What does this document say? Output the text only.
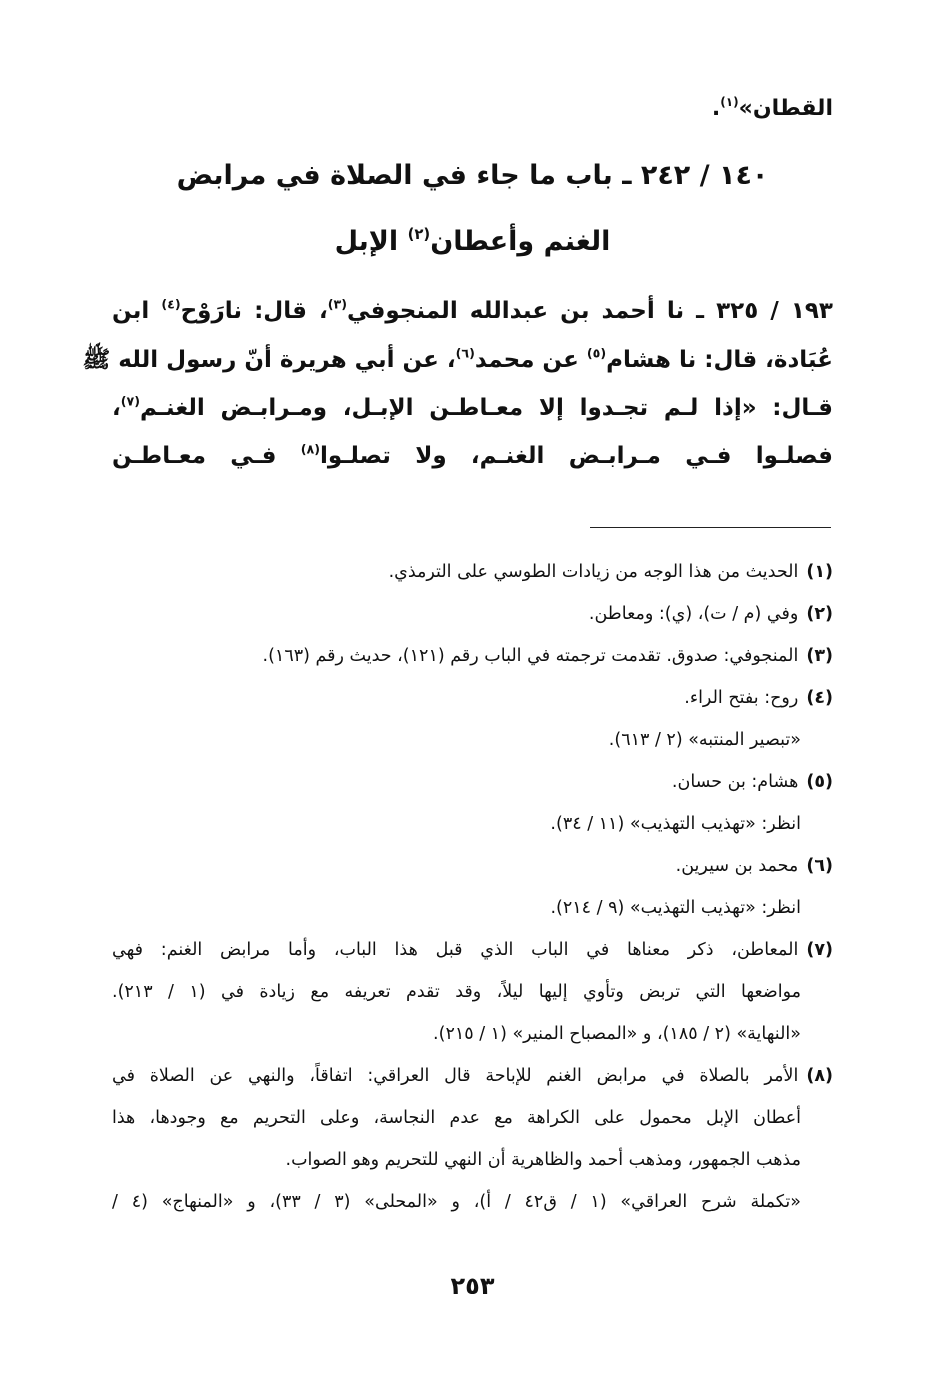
القطان»$^{(١)}$.
١٤٠ / ٢٤٢ ـ باب ما جاء في الصلاة في مرابض
الغنم وأعطان$^{(٢)}$ الإبل
١٩٣ / ٣٢٥ ـ نا أحمد بن عبدالله المنجوفي$^{(٣)}$، قال: نارَوْح$^{(٤)}$ ابن
عُبَادة، قال: نا هشام$^{(٥)}$ عن محمد$^{(٦)}$، عن أبي هريرة أنّ رسول الله ﷺ
قـال: «إذا لـم تجـدوا إلا معـاطـن الإبـل، ومـرابـض الغنـم$^{(٧)}$،
فصلـوا فـي مـرابـض الغنـم، ولا تصلـوا$^{(٨)}$ فـي معـاطـن
(١)الحديث من هذا الوجه من زيادات الطوسي على الترمذي.
(٢)وفي (م / ت)، (ي): ومعاطن.
(٣)المنجوفي: صدوق. تقدمت ترجمته في الباب رقم (١٢١)، حديث رقم (١٦٣).
(٤)روح: بفتح الراء.
«تبصير المنتبه» (٢ / ٦١٣).
(٥)هشام: بن حسان.
انظر: «تهذيب التهذيب» (١١ / ٣٤).
(٦)محمد بن سيرين.
انظر: «تهذيب التهذيب» (٩ / ٢١٤).
(٧)المعاطن، ذكر معناها في الباب الذي قبل هذا الباب، وأما مرابض الغنم: فهي
مواضعها التي تربض وتأوي إليها ليلاً، وقد تقدم تعريفه مع زيادة في (١ / ٢١٣).
«النهاية» (٢ / ١٨٥)، و «المصباح المنير» (١ / ٢١٥).
(٨)الأمر بالصلاة في مرابض الغنم للإباحة قال العراقي: اتفاقاً، والنهي عن الصلاة في
أعطان الإبل محمول على الكراهة مع عدم النجاسة، وعلى التحريم مع وجودها، هذا
مذهب الجمهور، ومذهب أحمد والظاهرية أن النهي للتحريم وهو الصواب.
«تكملة شرح العراقي» (١ / ق٤٢ / أ)، و «المحلى» (٣ / ٣٣)، و «المنهاج» (٤ /
٢٥٣
